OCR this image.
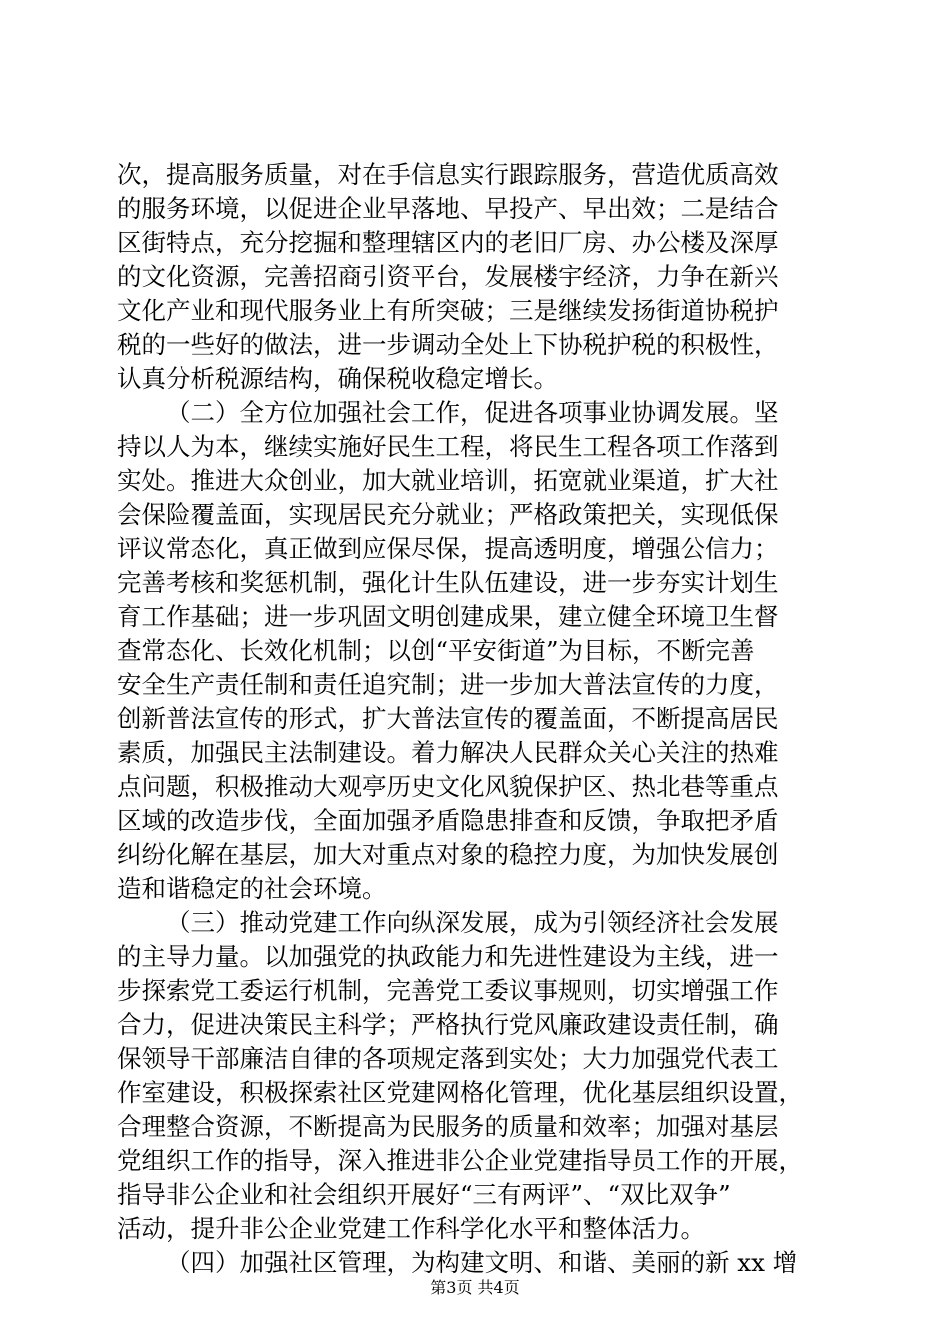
次，提高服务质量，对在手信息实行跟踪服务，营造优质高效
的服务环境，以促进企业早落地、早投产、早出效；二是结合
区街特点，充分挖掘和整理辖区内的老旧厂房、办公楼及深厚
的文化资源，完善招商引资平台，发展楼宇经济，力争在新兴
文化产业和现代服务业上有所突破；三是继续发扬街道协税护
税的一些好的做法，进一步调动全处上下协税护税的积极性，
认真分析税源结构，确保税收稳定增长。
（二）全方位加强社会工作，促进各项事业协调发展。坚
持以人为本，继续实施好民生工程，将民生工程各项工作落到
实处。推进大众创业，加大就业培训，拓宽就业渠道，扩大社
会保险覆盖面，实现居民充分就业；严格政策把关，实现低保
评议常态化，真正做到应保尽保，提高透明度，增强公信力；
完善考核和奖惩机制，强化计生队伍建设，进一步夯实计划生
育工作基础；进一步巩固文明创建成果，建立健全环境卫生督
查常态化、长效化机制；以创“平安街道”为目标，不断完善
安全生产责任制和责任追究制；进一步加大普法宣传的力度，
创新普法宣传的形式，扩大普法宣传的覆盖面，不断提高居民
素质，加强民主法制建设。着力解决人民群众关心关注的热难
点问题，积极推动大观亭历史文化风貌保护区、热北巷等重点
区域的改造步伐，全面加强矛盾隐患排查和反馈，争取把矛盾
纠纷化解在基层，加大对重点对象的稳控力度，为加快发展创
造和谐稳定的社会环境。
（三）推动党建工作向纵深发展，成为引领经济社会发展
的主导力量。以加强党的执政能力和先进性建设为主线，进一
步探索党工委运行机制，完善党工委议事规则，切实增强工作
合力，促进决策民主科学；严格执行党风廉政建设责任制，确
保领导干部廉洁自律的各项规定落到实处；大力加强党代表工
作室建设，积极探索社区党建网格化管理，优化基层组织设置，
合理整合资源，不断提高为民服务的质量和效率；加强对基层
党组织工作的指导，深入推进非公企业党建指导员工作的开展，
指导非公企业和社会组织开展好“三有两评”、“双比双争”
活动，提升非公企业党建工作科学化水平和整体活力。
（四）加强社区管理，为构建文明、和谐、美丽的新 xx 增
第3页 共4页
